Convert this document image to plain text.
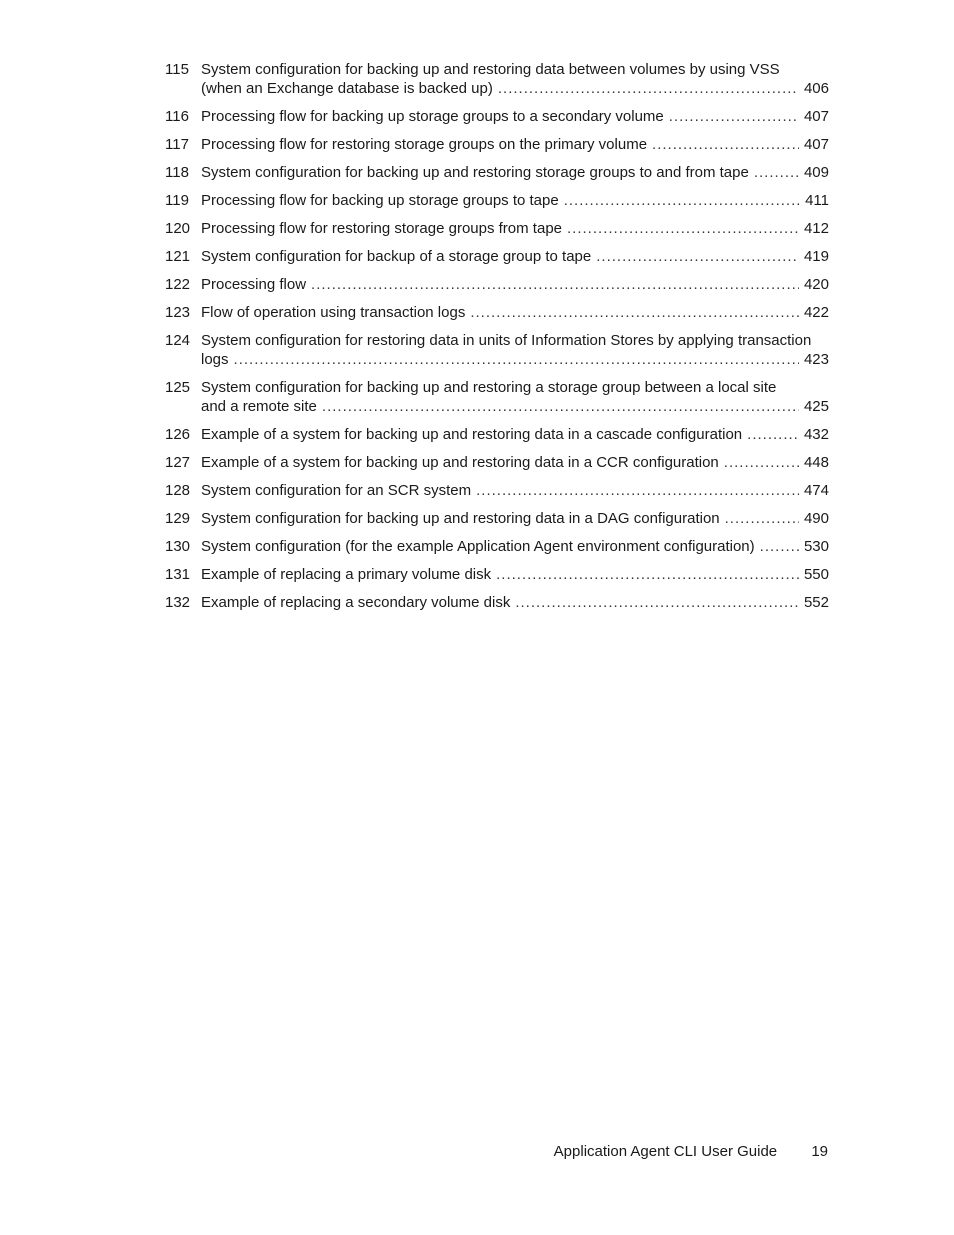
115 System configuration for backing up and restoring data between volumes by using VSS
(when an Exchange database is backed up) .....	406
116 Processing flow for backing up storage groups to a secondary volume .....	407
117 Processing flow for restoring storage groups on the primary volume .....	407
118 System configuration for backing up and restoring storage groups to and from tape .....	409
119 Processing flow for backing up storage groups to tape .....	411
120 Processing flow for restoring storage groups from tape .....	412
121 System configuration for backup of a storage group to tape .....	419
122 Processing flow .....	420
123 Flow of operation using transaction logs .....	422
124 System configuration for restoring data in units of Information Stores by applying transaction
logs .....	423
125 System configuration for backing up and restoring a storage group between a local site
and a remote site .....	425
126 Example of a system for backing up and restoring data in a cascade configuration .....	432
127 Example of a system for backing up and restoring data in a CCR configuration .....	448
128 System configuration for an SCR system .....	474
129 System configuration for backing up and restoring data in a DAG configuration .....	490
130 System configuration (for the example Application Agent environment configuration) .....	530
131 Example of replacing a primary volume disk .....	550
132 Example of replacing a secondary volume disk .....	552
Application Agent CLI User Guide 19
